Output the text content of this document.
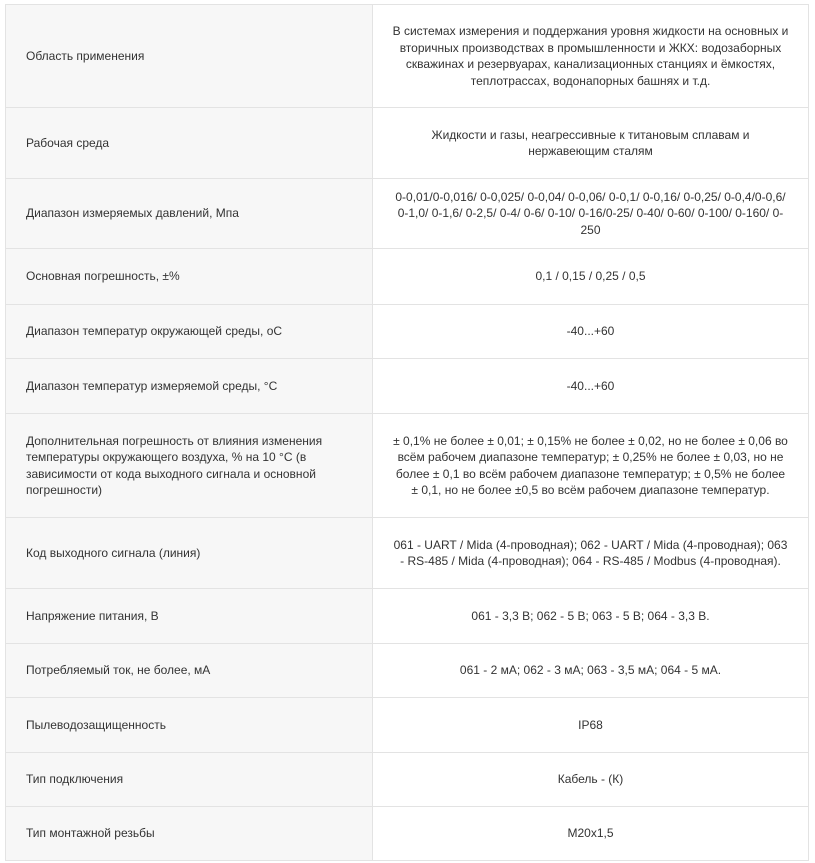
Область применения	В системах измерения и поддержания уровня жидкости на основных и вторичных производствах в промышленности и ЖКХ: водозаборных скважинах и резервуарах, канализационных станциях и ёмкостях, теплотрассах, водонапорных башнях и т.д.

Рабочая среда	Жидкости и газы, неагрессивные к титановым сплавам и нержавеющим сталям

Диапазон измеряемых давлений, Мпа	0-0,01/0-0,016/ 0-0,025/ 0-0,04/ 0-0,06/ 0-0,1/ 0-0,16/ 0-0,25/ 0-0,4/0-0,6/ 0-1,0/ 0-1,6/ 0-2,5/ 0-4/ 0-6/ 0-10/ 0-16/0-25/ 0-40/ 0-60/ 0-100/ 0-160/ 0-250

Основная погрешность, ±%	0,1 / 0,15 / 0,25 / 0,5

Диапазон температур окружающей среды, оС	-40...+60

Диапазон температур измеряемой среды, °С	-40...+60

Дополнительная погрешность от влияния изменения температуры окружающего воздуха, % на 10 °С (в зависимости от кода выходного сигнала и основной погрешности)	± 0,1% не более ± 0,01; ± 0,15% не более ± 0,02, но не более ± 0,06 во всём рабочем диапазоне температур; ± 0,25% не более ± 0,03, но не более ± 0,1 во всём рабочем диапазоне температур; ± 0,5% не более ± 0,1, но не более ±0,5 во всём рабочем диапазоне температур.

Код выходного сигнала (линия)	061 - UART / Mida (4-проводная); 062 - UART / Mida (4-проводная); 063 - RS-485 / Mida (4-проводная); 064 - RS-485 / Modbus (4-проводная).

Напряжение питания, В	061 - 3,3 В; 062 - 5 В; 063 - 5 В; 064 - 3,3 В.

Потребляемый ток, не более, мА	061 - 2 мА; 062 - 3 мА; 063 - 3,5 мА; 064 - 5 мА.

Пылеводозащищенность	IP68

Тип подключения	Кабель - (К)

Тип монтажной резьбы	M20х1,5
